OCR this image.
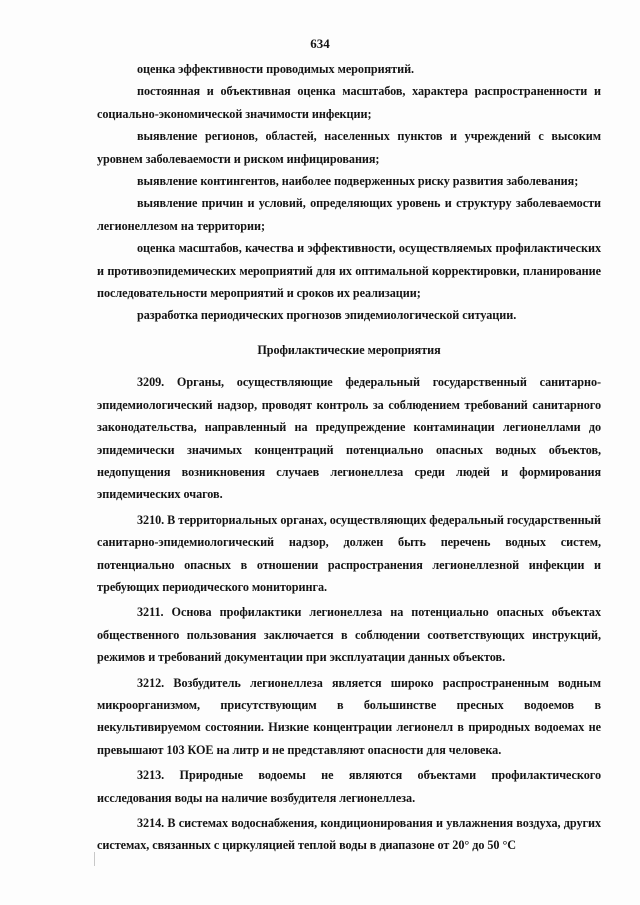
634

оценка эффективности проводимых мероприятий.

постоянная и объективная оценка масштабов, характера распространенности и социально-экономической значимости инфекции;

выявление регионов, областей, населенных пунктов и учреждений с высоким уровнем заболеваемости и риском инфицирования;

выявление контингентов, наиболее подверженных риску развития заболевания;

выявление причин и условий, определяющих уровень и структуру заболеваемости легионеллезом на территории;

оценка масштабов, качества и эффективности, осуществляемых профилактических и противоэпидемических мероприятий для их оптимальной корректировки, планирование последовательности мероприятий и сроков их реализации;

разработка периодических прогнозов эпидемиологической ситуации.

Профилактические мероприятия

3209. Органы, осуществляющие федеральный государственный санитарно-эпидемиологический надзор, проводят контроль за соблюдением требований санитарного законодательства, направленный на предупреждение контаминации легионеллами до эпидемически значимых концентраций потенциально опасных водных объектов, недопущения возникновения случаев легионеллеза среди людей и формирования эпидемических очагов.

3210. В территориальных органах, осуществляющих федеральный государственный санитарно-эпидемиологический надзор, должен быть перечень водных систем, потенциально опасных в отношении распространения легионеллезной инфекции и требующих периодического мониторинга.

3211. Основа профилактики легионеллеза на потенциально опасных объектах общественного пользования заключается в соблюдении соответствующих инструкций, режимов и требований документации при эксплуатации данных объектов.

3212. Возбудитель легионеллеза является широко распространенным водным микроорганизмом, присутствующим в большинстве пресных водоемов в некультивируемом состоянии. Низкие концентрации легионелл в природных водоемах не превышают 103 КОЕ на литр и не представляют опасности для человека.

3213. Природные водоемы не являются объектами профилактического исследования воды на наличие возбудителя легионеллеза.

3214. В системах водоснабжения, кондиционирования и увлажнения воздуха, других системах, связанных с циркуляцией теплой воды в диапазоне от 20° до 50 °С
